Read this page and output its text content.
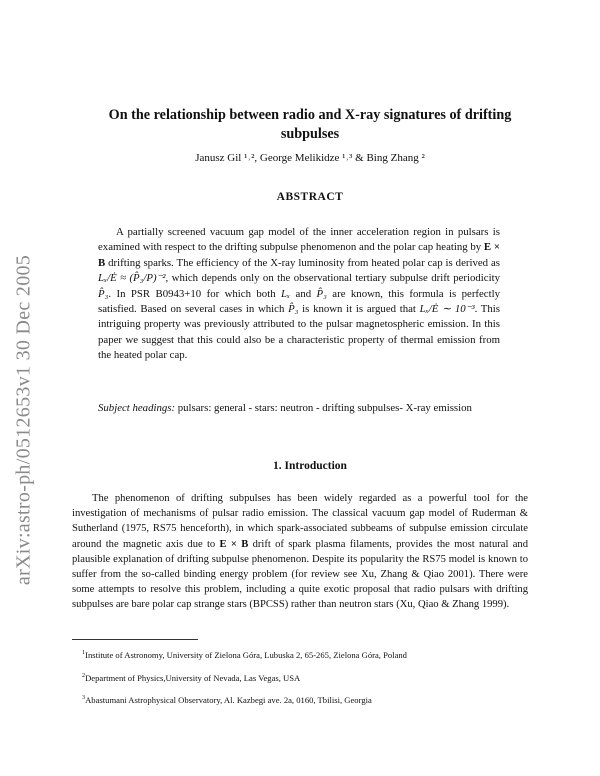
arXiv:astro-ph/0512653v1 30 Dec 2005
On the relationship between radio and X-ray signatures of drifting subpulses
Janusz Gil ¹˒², George Melikidze ¹˒³ & Bing Zhang ²
ABSTRACT

A partially screened vacuum gap model of the inner acceleration region in pulsars is examined with respect to the drifting subpulse phenomenon and the polar cap heating by E × B drifting sparks. The efficiency of the X-ray luminosity from heated polar cap is derived as Lₓ/Ė ≈ (P̂₃/P)⁻², which depends only on the observational tertiary subpulse drift periodicity P̂₃. In PSR B0943+10 for which both Lₓ and P̂₃ are known, this formula is perfectly satisfied. Based on several cases in which P̂₃ is known it is argued that Lₓ/Ė ∼ 10⁻³. This intriguing property was previously attributed to the pulsar magnetospheric emission. In this paper we suggest that this could also be a characteristic property of thermal emission from the heated polar cap.

Subject headings: pulsars: general - stars: neutron - drifting subpulses- X-ray emission

1. Introduction

The phenomenon of drifting subpulses has been widely regarded as a powerful tool for the investigation of mechanisms of pulsar radio emission. The classical vacuum gap model of Ruderman & Sutherland (1975, RS75 henceforth), in which spark-associated subbeams of subpulse emission circulate around the magnetic axis due to E × B drift of spark plasma filaments, provides the most natural and plausible explanation of drifting subpulse phenomenon. Despite its popularity the RS75 model is known to suffer from the so-called binding energy problem (for review see Xu, Zhang & Qiao 2001). There were some attempts to resolve this problem, including a quite exotic proposal that radio pulsars with drifting subpulses are bare polar cap strange stars (BPCSS) rather than neutron stars (Xu, Qiao & Zhang 1999).

$^1$Institute of Astronomy, University of Zielona Góra, Lubuska 2, 65-265, Zielona Góra, Poland

$^2$Department of Physics,University of Nevada, Las Vegas, USA

$^3$Abastumani Astrophysical Observatory, Al. Kazbegi ave. 2a, 0160, Tbilisi, Georgia
